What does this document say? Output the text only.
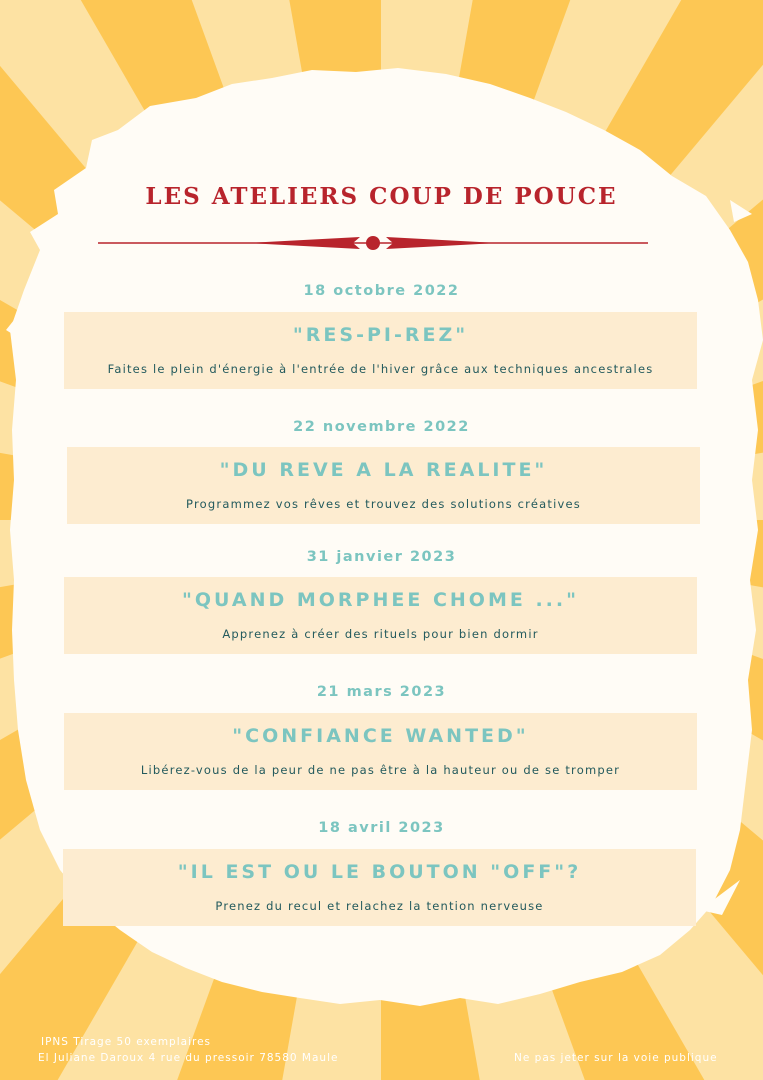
LES ATELIERS COUP DE POUCE
18 octobre 2022
"RES-PI-REZ"
Faites le plein d'énergie à l'entrée de l'hiver grâce aux techniques ancestrales
22 novembre 2022
"DU REVE A LA REALITE"
Programmez vos rêves et trouvez des solutions créatives
31 janvier 2023
"QUAND MORPHEE CHOME ..."
Apprenez à créer des rituels pour bien dormir
21 mars 2023
"CONFIANCE WANTED"
Libérez-vous de la peur de ne pas être à la hauteur ou de se tromper
18 avril 2023
"IL EST OU LE BOUTON "OFF"?
Prenez du recul et relachez la tention nerveuse
IPNS Tirage 50 exemplaires
El Juliane Daroux 4 rue du pressoir 78580 Maule	Ne pas jeter sur la voie publique
